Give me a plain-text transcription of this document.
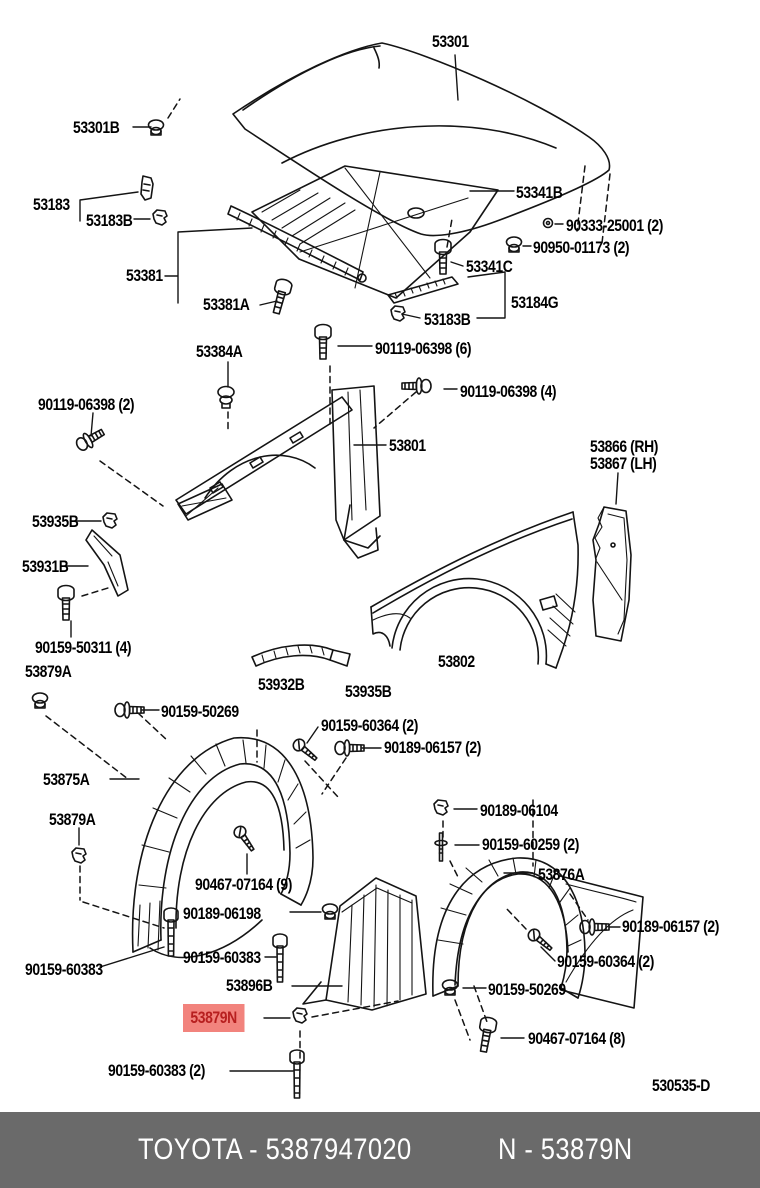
53301
53301B
53183
53183B
53341B
90333-25001 (2)
90950-01173 (2)
53381	53341C
53381A	53184G
53183B
53384A	90119-06398 (6)
90119-06398 (4)
90119-06398 (2)
53801	53866 (RH)
53867 (LH)
53935B
53931B
90159-50311 (4)
53879A
53932B 53935B
53802
90159-50269
90159-60364 (2)
90189-06157 (2)
53875A
53879A	90189-06104
90159-60259 (2)
53876A
90467-07164 (9)
90189-06198
90189-06157 (2)
90159-60364 (2)
90159-60383
90159-60383
53896B	90159-50269
53879N
90467-07164 (8)
90159-60383 (2)
530535-D
TOYOTA - 5387947020	N - 53879N
